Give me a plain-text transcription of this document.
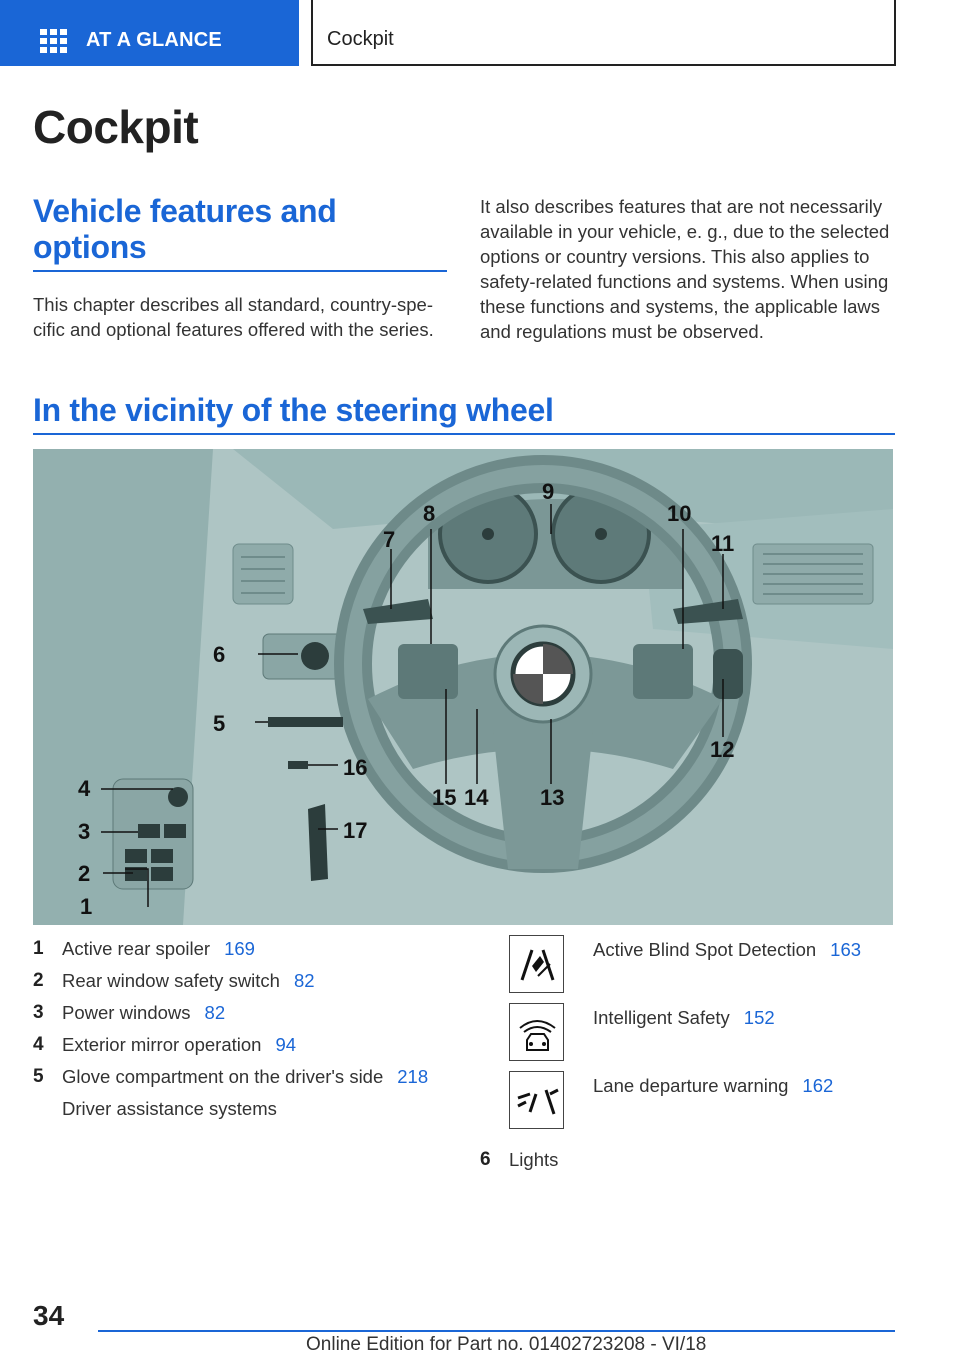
AT A GLANCE	Cockpit
Cockpit
Vehicle features and options

This chapter describes all standard, country-specific and optional features offered with the series.

It also describes features that are not necessarily available in your vehicle, e. g., due to the selected options or country versions. This also applies to safety-related functions and systems. When using these functions and systems, the applicable laws and regulations must be observed.

In the vicinity of the steering wheel
1
2
3
4
5
6
7
8
9
10
11
12
13
14
15
16
17
1 Active rear spoiler 169
2 Rear window safety switch 82
3 Power windows 82
4 Exterior mirror operation 94
5 Glove compartment on the driver's side 218
Driver assistance systems
Active Blind Spot Detection 163
Intelligent Safety 152
Lane departure warning 162
6 Lights
34
Online Edition for Part no. 01402723208 - VI/18
